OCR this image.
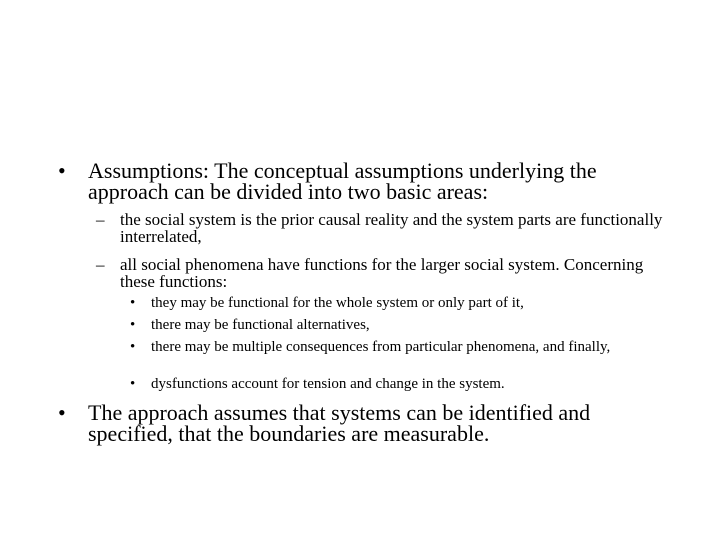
• Assumptions: The conceptual assumptions underlying the approach can be divided into two basic areas:
– the social system is the prior causal reality and the system parts are functionally interrelated,
– all social phenomena have functions for the larger social system. Concerning these functions:
• they may be functional for the whole system or only part of it,
• there may be functional alternatives,
• there may be multiple consequences from particular phenomena, and finally,
• dysfunctions account for tension and change in the system.
• The approach assumes that systems can be identified and specified, that the boundaries are measurable.
